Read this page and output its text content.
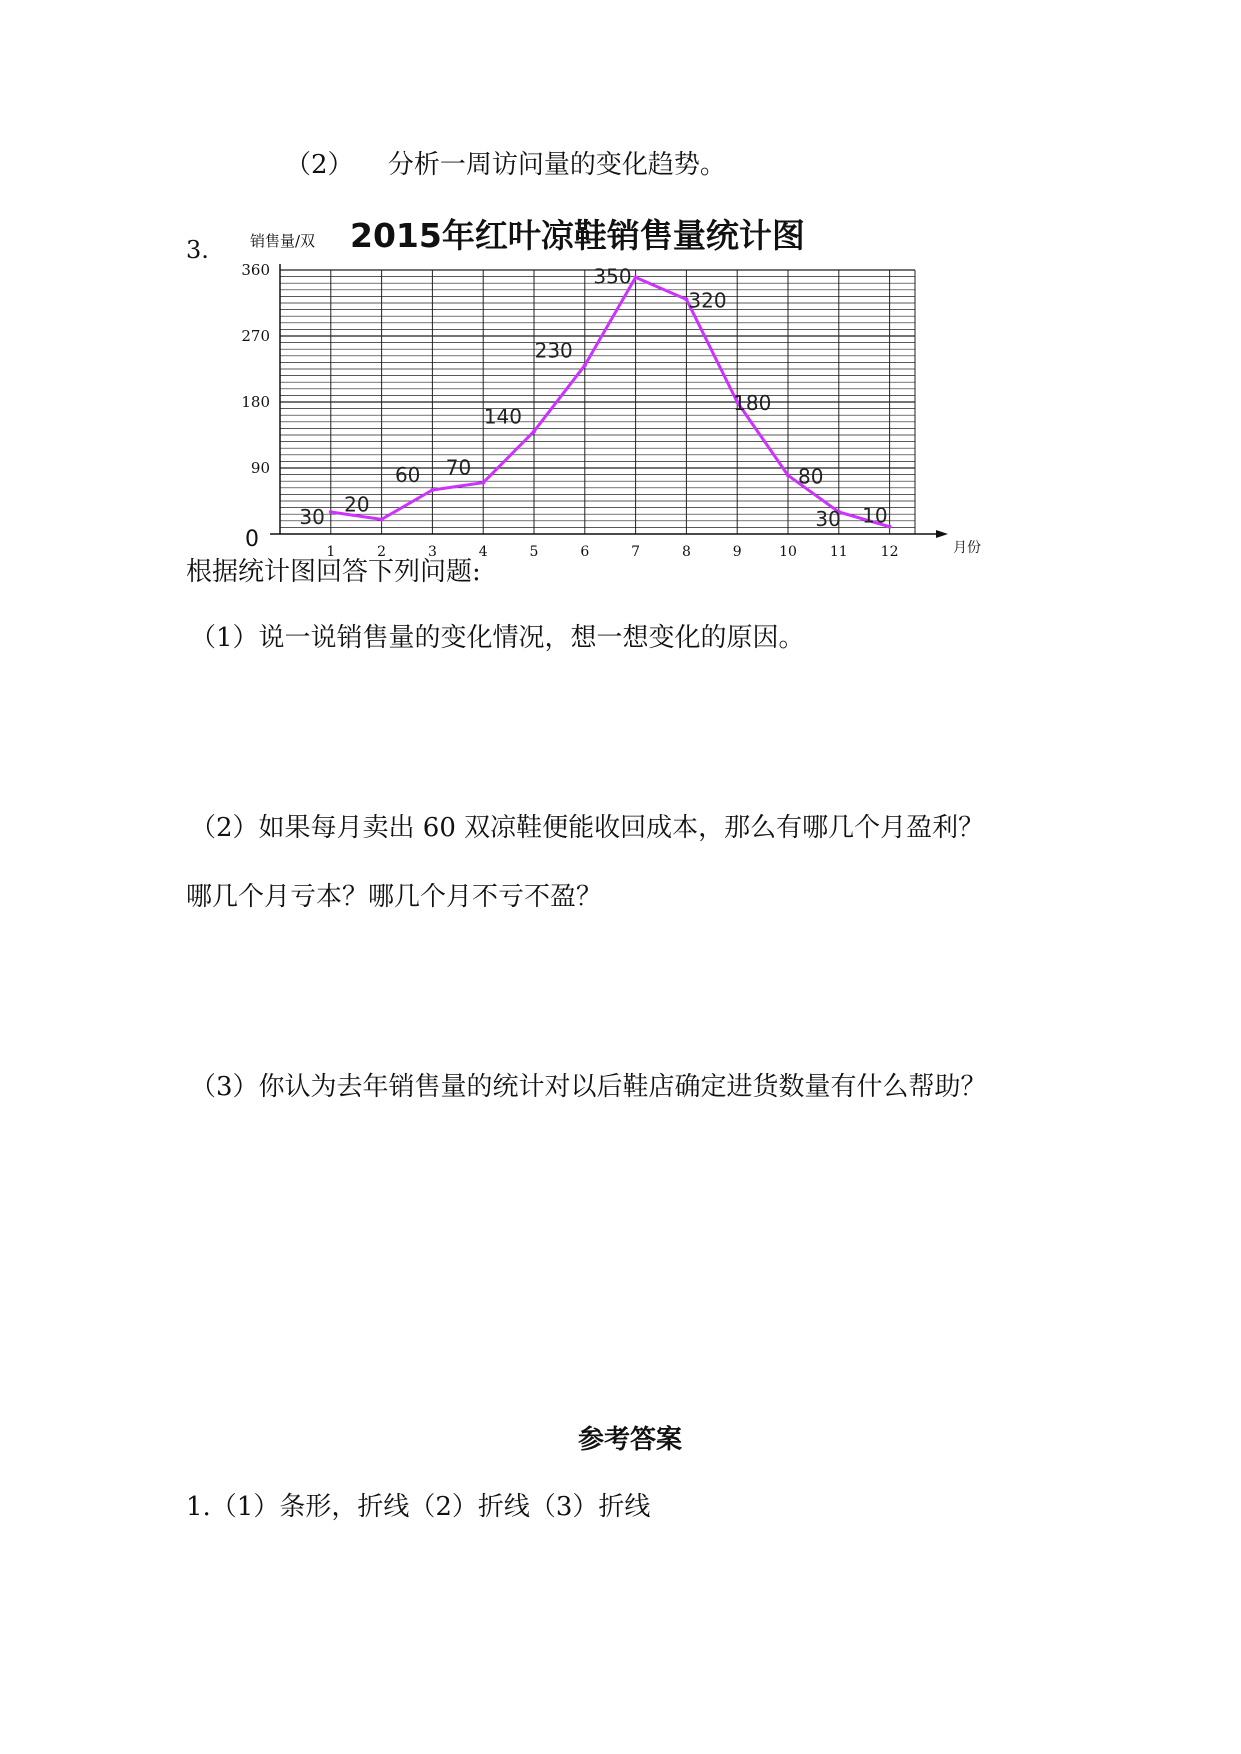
（2） 分析一周访问量的变化趋势。
3.
0
90
180
270
360
1	2	3	4	5	6	7	8	9	10 11 12
销售量/双
月份
2015年红叶凉鞋销售量统计图
30
20
60 70
140
230
350
320
180
80
30 10
根据统计图回答下列问题:
（1）说一说销售量的变化情况，想一想变化的原因。
（2）如果每月卖出 60 双凉鞋便能收回成本，那么有哪几个月盈利？
哪几个月亏本？哪几个月不亏不盈？
（3）你认为去年销售量的统计对以后鞋店确定进货数量有什么帮助？
参考答案
1.（1）条形，折线（2）折线（3）折线
